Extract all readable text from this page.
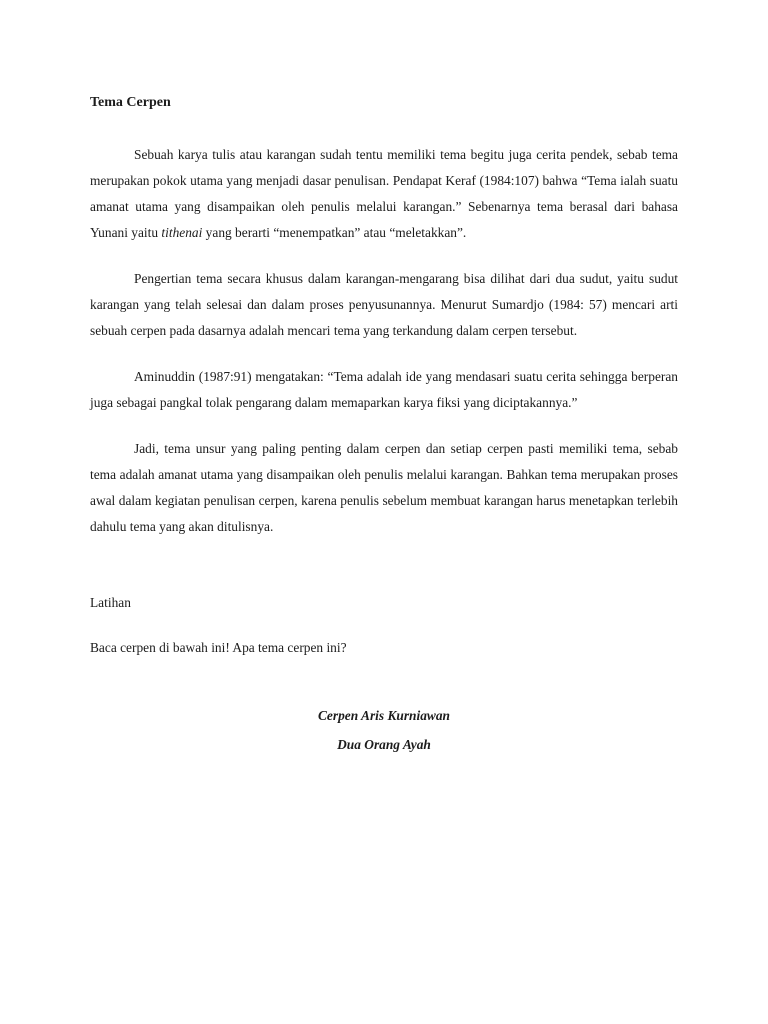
Tema Cerpen

Sebuah karya tulis atau karangan sudah tentu memiliki tema begitu juga cerita pendek, sebab tema merupakan pokok utama yang menjadi dasar penulisan. Pendapat Keraf (1984:107) bahwa “Tema ialah suatu amanat utama yang disampaikan oleh penulis melalui karangan.” Sebenarnya tema berasal dari bahasa Yunani yaitu tithenai yang berarti “menempatkan” atau “meletakkan”.

Pengertian tema secara khusus dalam karangan-mengarang bisa dilihat dari dua sudut, yaitu sudut karangan yang telah selesai dan dalam proses penyusunannya. Menurut Sumardjo (1984: 57) mencari arti sebuah cerpen pada dasarnya adalah mencari tema yang terkandung dalam cerpen tersebut.

Aminuddin (1987:91) mengatakan: “Tema adalah ide yang mendasari suatu cerita sehingga berperan juga sebagai pangkal tolak pengarang dalam memaparkan karya fiksi yang diciptakannya.”

Jadi, tema unsur yang paling penting dalam cerpen dan setiap cerpen pasti memiliki tema, sebab tema adalah amanat utama yang disampaikan oleh penulis melalui karangan. Bahkan tema merupakan proses awal dalam kegiatan penulisan cerpen, karena penulis sebelum membuat karangan harus menetapkan terlebih dahulu tema yang akan ditulisnya.

Latihan

Baca cerpen di bawah ini! Apa tema cerpen ini?

Cerpen Aris Kurniawan

Dua Orang Ayah
